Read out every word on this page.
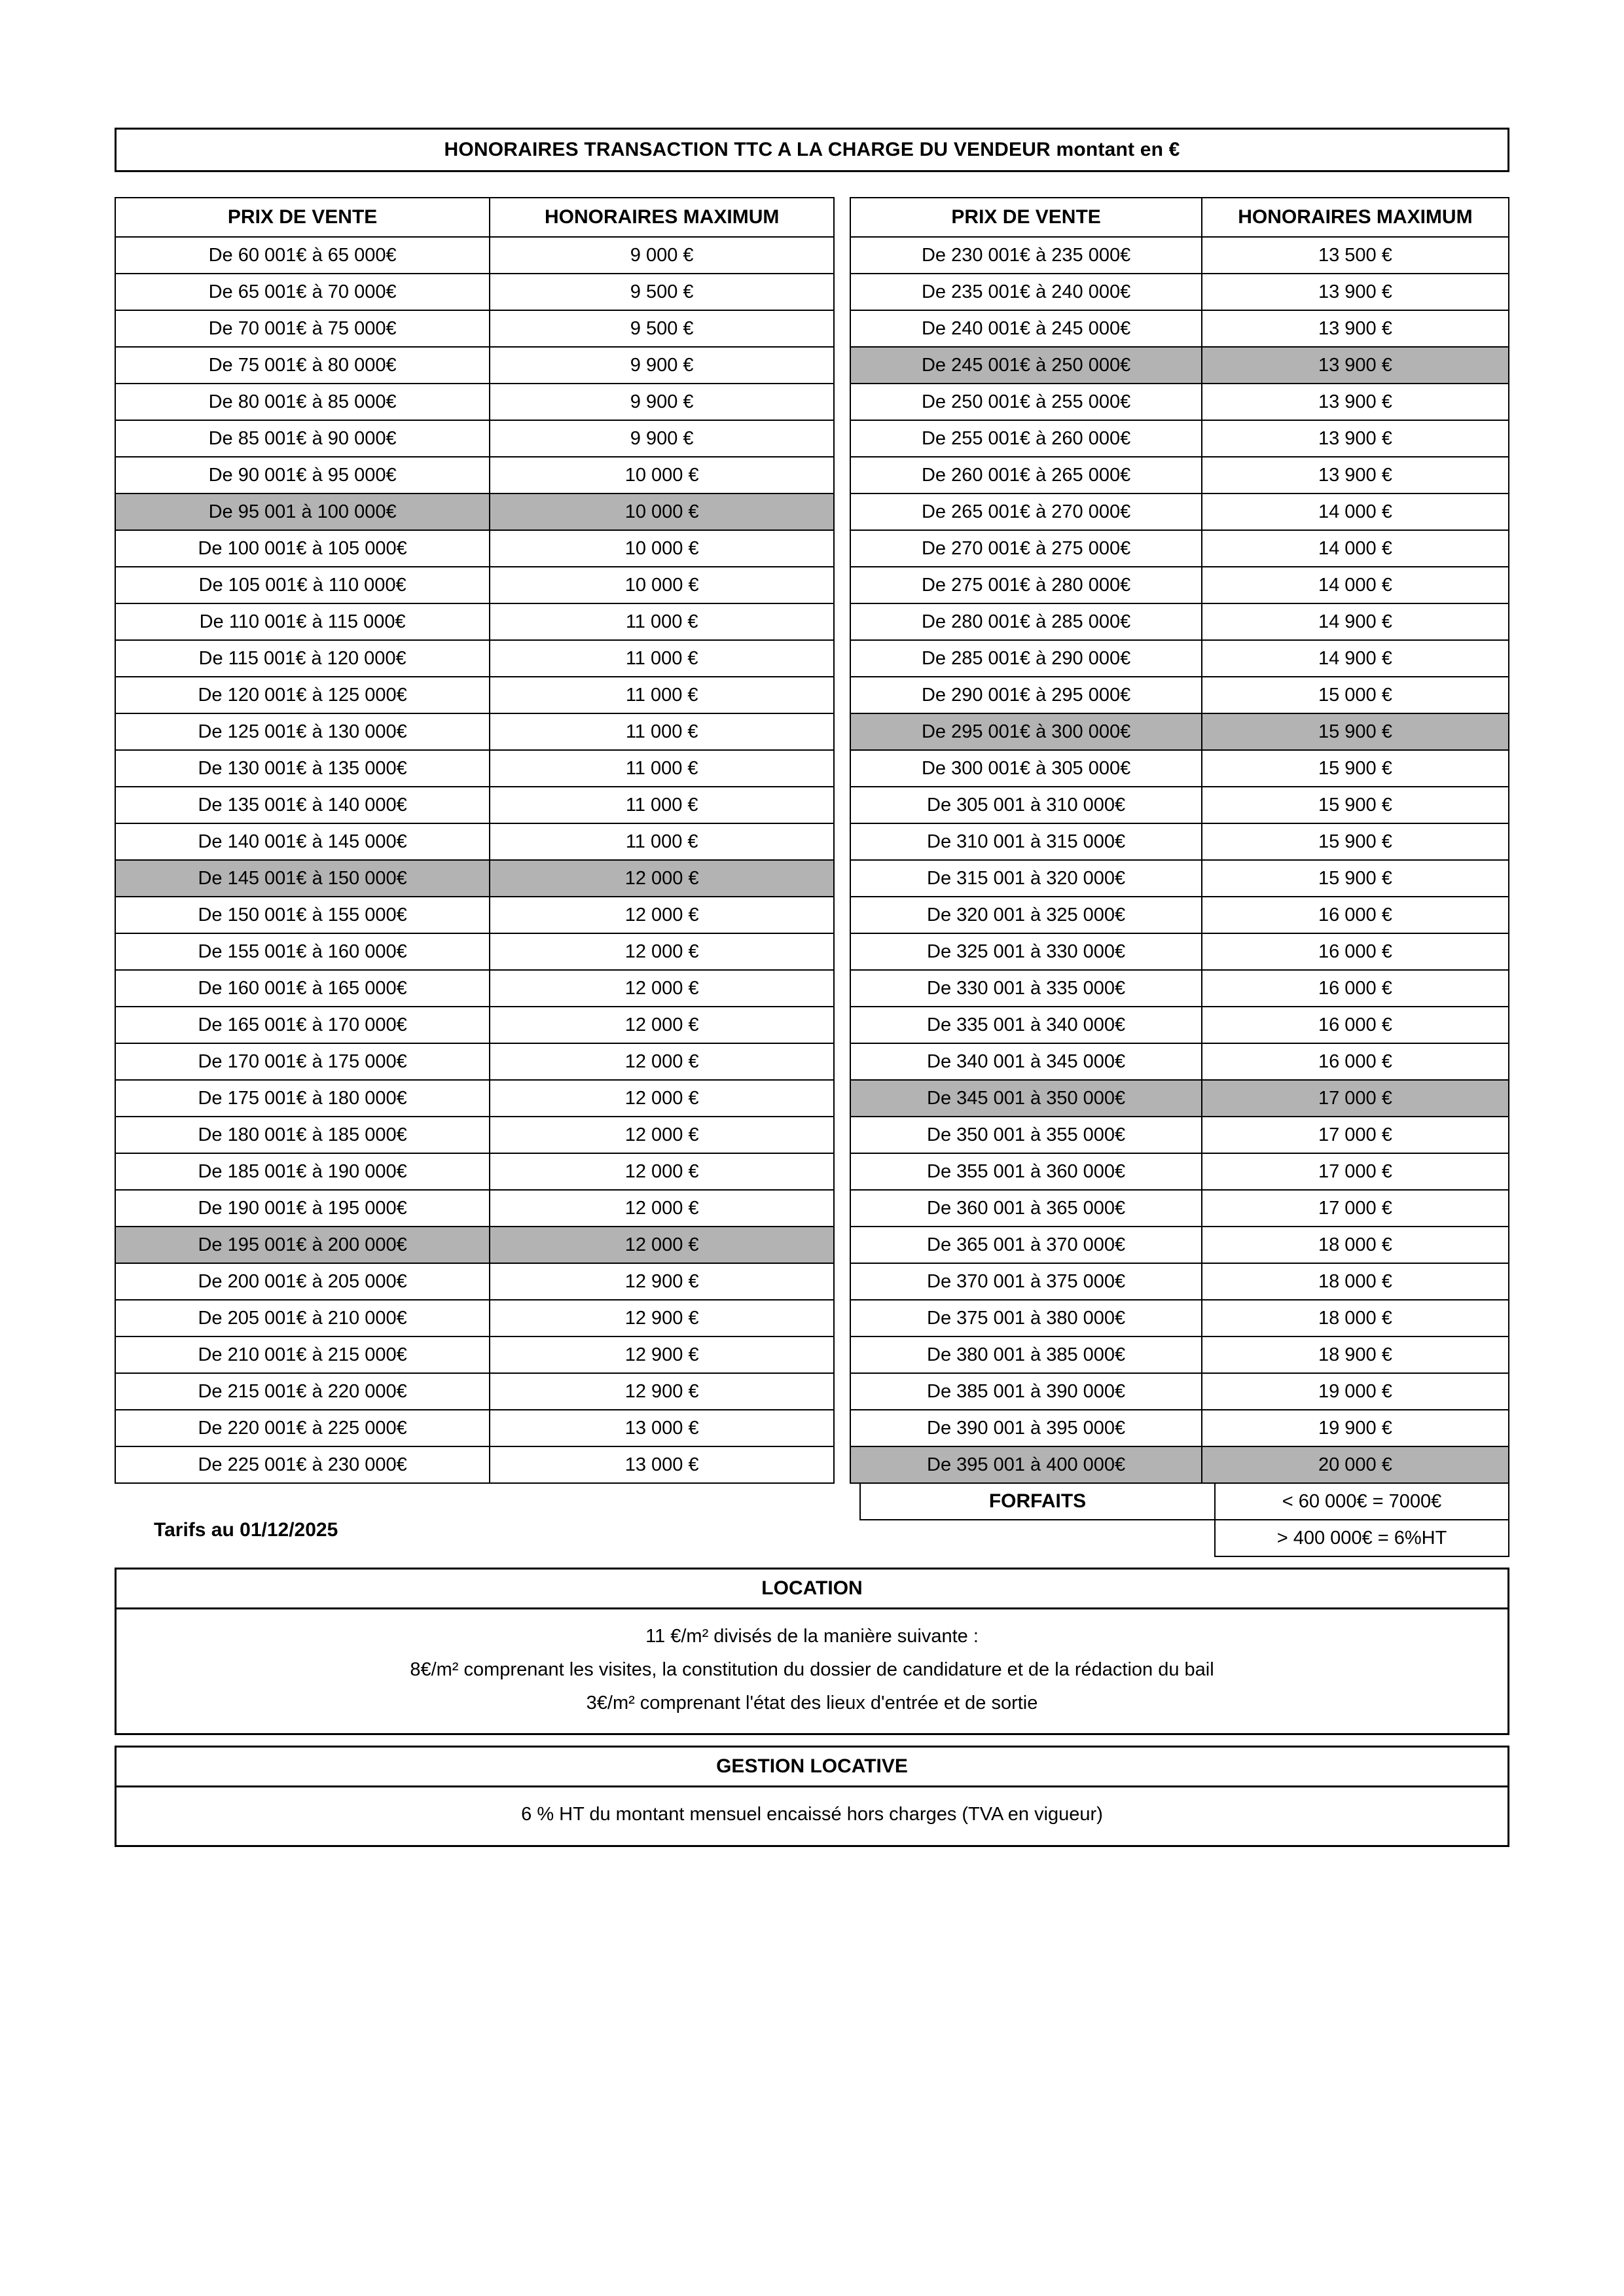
HONORAIRES TRANSACTION TTC A LA CHARGE DU VENDEUR montant en €
PRIX DE VENTE	HONORAIRES MAXIMUM		PRIX DE VENTE	HONORAIRES MAXIMUM
De 60 001€ à 65 000€	9 000 €		De 230 001€ à 235 000€	13 500 €
De 65 001€ à 70 000€	9 500 €		De 235 001€ à 240 000€	13 900 €
De 70 001€ à 75 000€	9 500 €		De 240 001€ à 245 000€	13 900 €
De 75 001€ à 80 000€	9 900 €		De 245 001€ à 250 000€	13 900 €
De 80 001€ à 85 000€	9 900 €		De 250 001€ à 255 000€	13 900 €
De 85 001€ à 90 000€	9 900 €		De 255 001€ à 260 000€	13 900 €
De 90 001€ à 95 000€	10 000 €		De 260 001€ à 265 000€	13 900 €
De 95 001 à 100 000€	10 000 €		De 265 001€ à 270 000€	14 000 €
De 100 001€ à 105 000€	10 000 €		De 270 001€ à 275 000€	14 000 €
De 105 001€ à 110 000€	10 000 €		De 275 001€ à 280 000€	14 000 €
De 110 001€ à 115 000€	11 000 €		De 280 001€ à 285 000€	14 900 €
De 115 001€ à 120 000€	11 000 €		De 285 001€ à 290 000€	14 900 €
De 120 001€ à 125 000€	11 000 €		De 290 001€ à 295 000€	15 000 €
De 125 001€ à 130 000€	11 000 €		De 295 001€ à 300 000€	15 900 €
De 130 001€ à 135 000€	11 000 €		De 300 001€ à 305 000€	15 900 €
De 135 001€ à 140 000€	11 000 €		De 305 001 à 310 000€	15 900 €
De 140 001€ à 145 000€	11 000 €		De 310 001 à 315 000€	15 900 €
De 145 001€ à 150 000€	12 000 €		De 315 001 à 320 000€	15 900 €
De 150 001€ à 155 000€	12 000 €		De 320 001 à 325 000€	16 000 €
De 155 001€ à 160 000€	12 000 €		De 325 001 à 330 000€	16 000 €
De 160 001€ à 165 000€	12 000 €		De 330 001 à 335 000€	16 000 €
De 165 001€ à 170 000€	12 000 €		De 335 001 à 340 000€	16 000 €
De 170 001€ à 175 000€	12 000 €		De 340 001 à 345 000€	16 000 €
De 175 001€ à 180 000€	12 000 €		De 345 001 à 350 000€	17 000 €
De 180 001€ à 185 000€	12 000 €		De 350 001 à 355 000€	17 000 €
De 185 001€ à 190 000€	12 000 €		De 355 001 à 360 000€	17 000 €
De 190 001€ à 195 000€	12 000 €		De 360 001 à 365 000€	17 000 €
De 195 001€ à 200 000€	12 000 €		De 365 001 à 370 000€	18 000 €
De 200 001€ à 205 000€	12 900 €		De 370 001 à 375 000€	18 000 €
De 205 001€ à 210 000€	12 900 €		De 375 001 à 380 000€	18 000 €
De 210 001€ à 215 000€	12 900 €		De 380 001 à 385 000€	18 900 €
De 215 001€ à 220 000€	12 900 €		De 385 001 à 390 000€	19 000 €
De 220 001€ à 225 000€	13 000 €		De 390 001 à 395 000€	19 900 €
De 225 001€ à 230 000€	13 000 €		De 395 001 à 400 000€	20 000 €
Tarifs au 01/12/2025
FORFAITS	< 60 000€ = 7000€
	> 400 000€ = 6%HT
LOCATION

11 €/m² divisés de la manière suivante :

8€/m² comprenant les visites, la constitution du dossier de candidature et de la rédaction du bail

3€/m² comprenant l'état des lieux d'entrée et de sortie

GESTION LOCATIVE

6 % HT du montant mensuel encaissé hors charges (TVA en vigueur)
